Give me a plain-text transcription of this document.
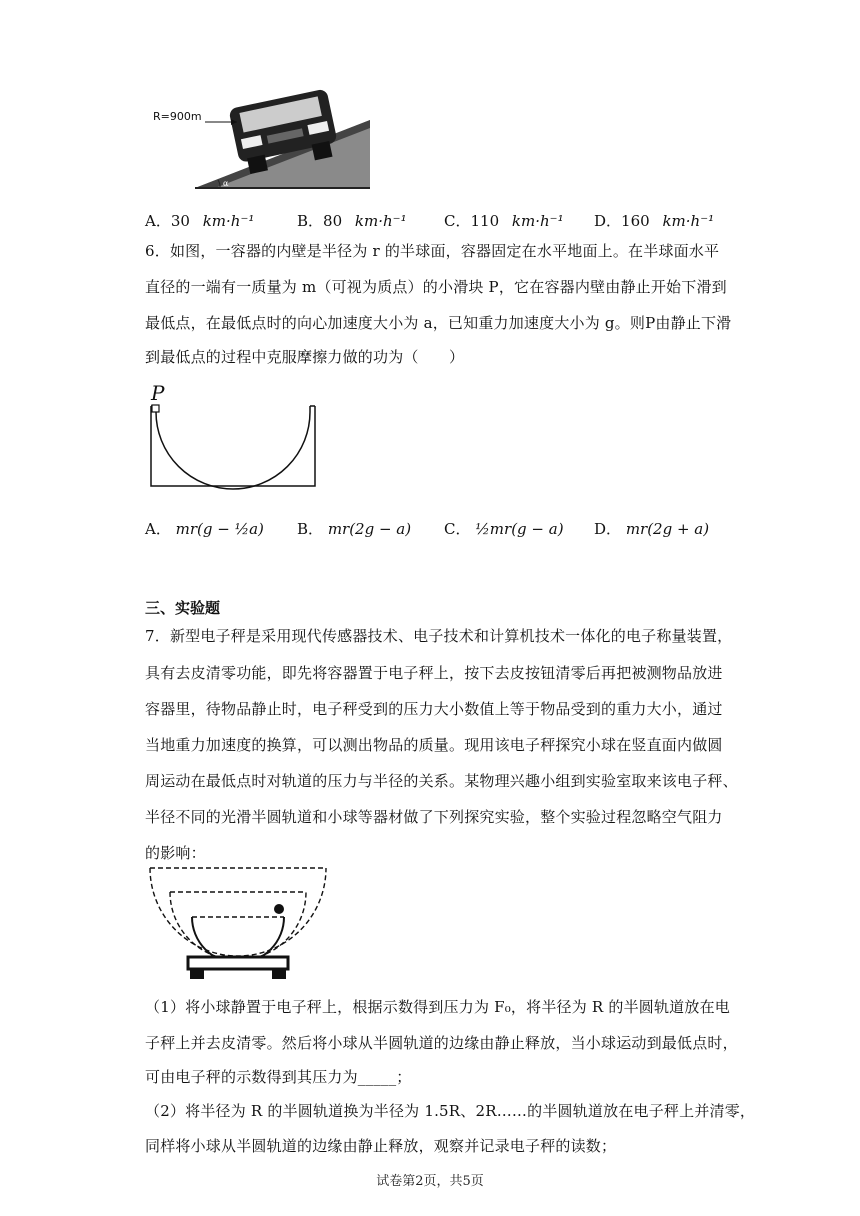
R=900m
α
A．30 km·h⁻¹	B．80 km·h⁻¹ C．110 km·h⁻¹ D．160 km·h⁻¹
6．如图，一容器的内壁是半径为 r 的半球面，容器固定在水平地面上。在半球面水平
直径的一端有一质量为 m（可视为质点）的小滑块 P，它在容器内壁由静止开始下滑到
最低点，在最低点时的向心加速度大小为 a，已知重力加速度大小为 g。则P由静止下滑
到最低点的过程中克服摩擦力做的功为（　　）
P
A． mr(g − ½a) B． mr(2g − a) C． ½mr(g − a) D． mr(2g + a)
三、实验题
7．新型电子秤是采用现代传感器技术、电子技术和计算机技术一体化的电子称量装置，
具有去皮清零功能，即先将容器置于电子秤上，按下去皮按钮清零后再把被测物品放进
容器里，待物品静止时，电子秤受到的压力大小数值上等于物品受到的重力大小，通过
当地重力加速度的换算，可以测出物品的质量。现用该电子秤探究小球在竖直面内做圆
周运动在最低点时对轨道的压力与半径的关系。某物理兴趣小组到实验室取来该电子秤、
半径不同的光滑半圆轨道和小球等器材做了下列探究实验，整个实验过程忽略空气阻力
的影响：
（1）将小球静置于电子秤上，根据示数得到压力为 F₀，将半径为 R 的半圆轨道放在电
子秤上并去皮清零。然后将小球从半圆轨道的边缘由静止释放，当小球运动到最低点时，
可由电子秤的示数得到其压力为_____；
（2）将半径为 R 的半圆轨道换为半径为 1.5R、2R……的半圆轨道放在电子秤上并清零，
同样将小球从半圆轨道的边缘由静止释放，观察并记录电子秤的读数；
试卷第2页，共5页
